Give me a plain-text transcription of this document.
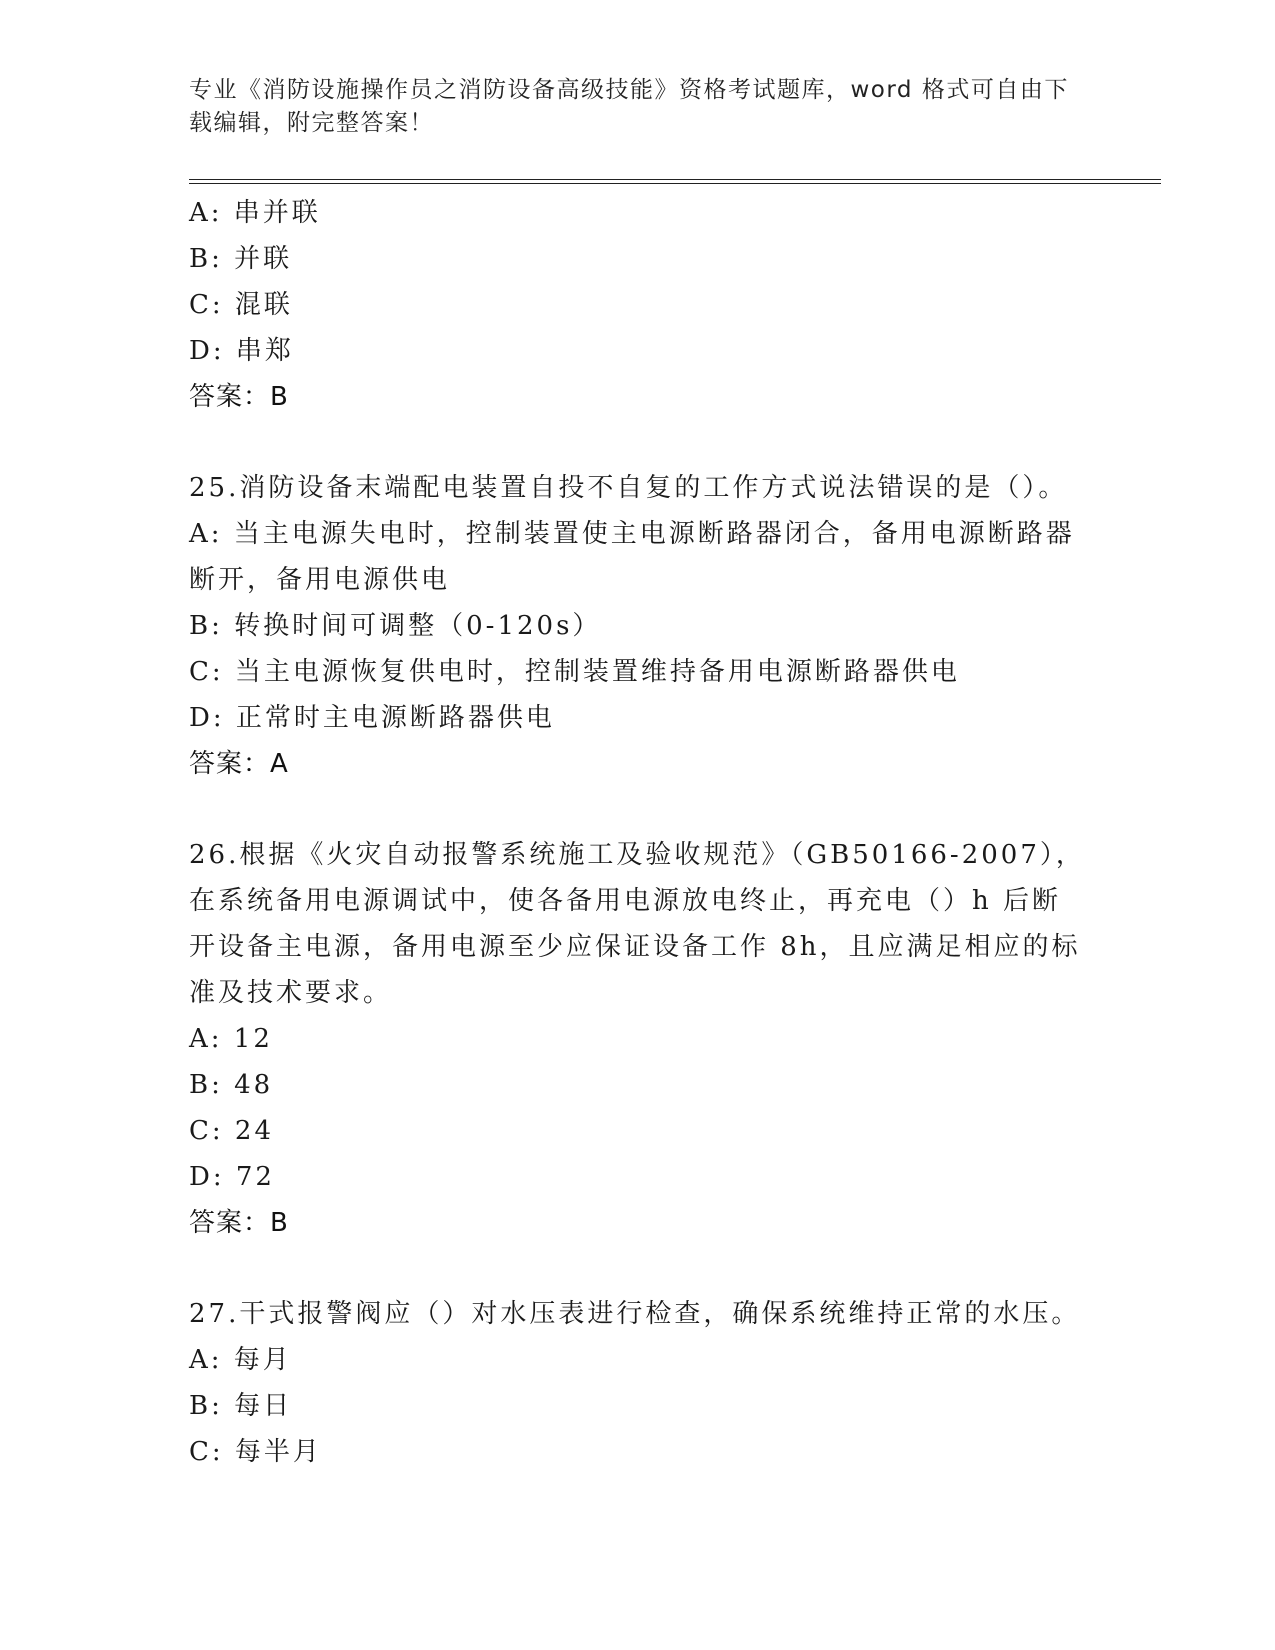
专业《消防设施操作员之消防设备高级技能》资格考试题库，word 格式可自由下
载编辑，附完整答案！
A: 串并联
B: 并联
C: 混联
D: 串郑
答案：B
25.消防设备末端配电装置自投不自复的工作方式说法错误的是（）。
A: 当主电源失电时，控制装置使主电源断路器闭合，备用电源断路器断开，备用电源供电
B: 转换时间可调整（0-120s）
C: 当主电源恢复供电时，控制装置维持备用电源断路器供电
D: 正常时主电源断路器供电
答案：A
26.根据《火灾自动报警系统施工及验收规范》（GB50166-2007），在系统备用电源调试中，使各备用电源放电终止，再充电（）h 后断开设备主电源，备用电源至少应保证设备工作 8h，且应满足相应的标准及技术要求。
A: 12
B: 48
C: 24
D: 72
答案：B
27.干式报警阀应（）对水压表进行检查，确保系统维持正常的水压。
A: 每月
B: 每日
C: 每半月
